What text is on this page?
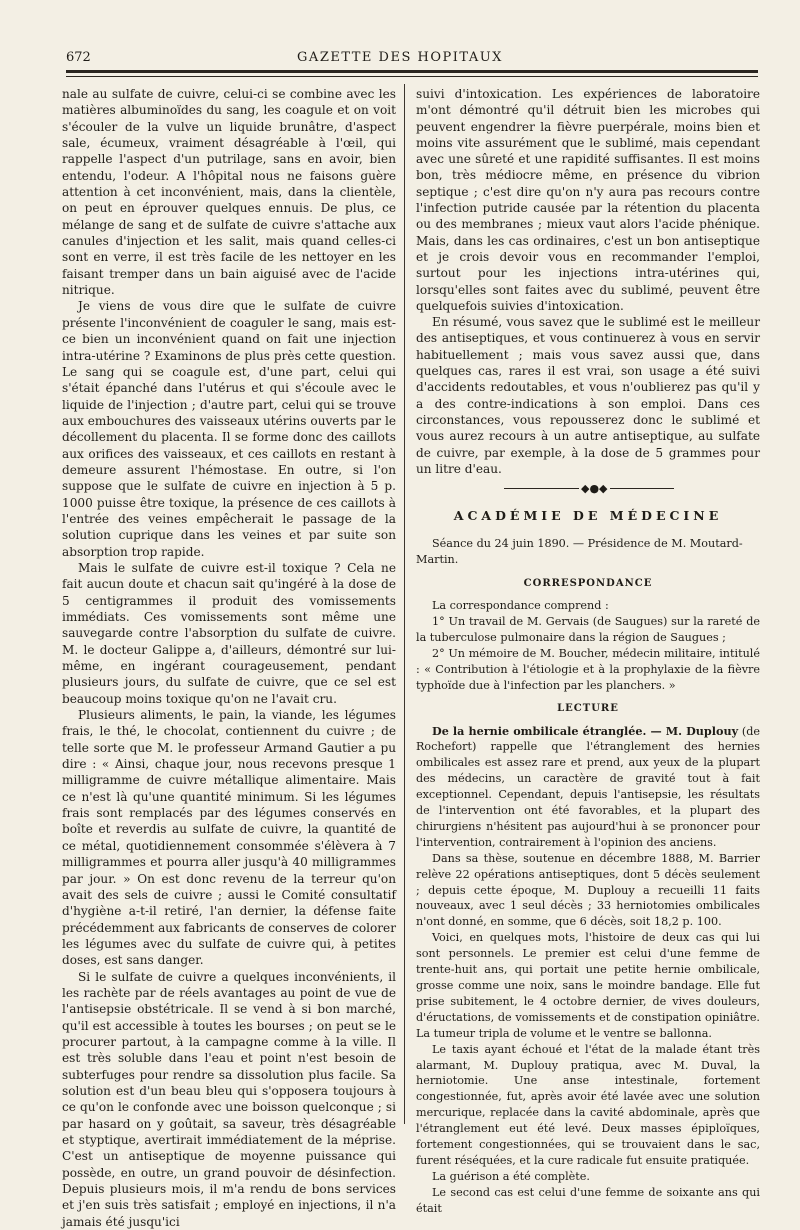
672	GAZETTE DES HOPITAUX

nale au sulfate de cuivre, celui-ci se combine avec les matières albuminoïdes du sang, les coagule et on voit s'écouler de la vulve un liquide brunâtre, d'aspect sale, écumeux, vraiment désagréable à l'œil, qui rappelle l'aspect d'un putrilage, sans en avoir, bien entendu, l'odeur. A l'hôpital nous ne faisons guère attention à cet inconvénient, mais, dans la clientèle, on peut en éprouver quelques ennuis. De plus, ce mélange de sang et de sulfate de cuivre s'attache aux canules d'injection et les salit, mais quand celles-ci sont en verre, il est très facile de les nettoyer en les faisant tremper dans un bain aiguisé avec de l'acide nitrique.

Je viens de vous dire que le sulfate de cuivre présente l'inconvénient de coaguler le sang, mais est-ce bien un inconvénient quand on fait une injection intra-utérine ? Examinons de plus près cette question. Le sang qui se coagule est, d'une part, celui qui s'était épanché dans l'utérus et qui s'écoule avec le liquide de l'injection ; d'autre part, celui qui se trouve aux embouchures des vaisseaux utérins ouverts par le décollement du placenta. Il se forme donc des caillots aux orifices des vaisseaux, et ces caillots en restant à demeure assurent l'hémostase. En outre, si l'on suppose que le sulfate de cuivre en injection à 5 p. 1000 puisse être toxique, la présence de ces caillots à l'entrée des veines empêcherait le passage de la solution cuprique dans les veines et par suite son absorption trop rapide.

Mais le sulfate de cuivre est-il toxique ? Cela ne fait aucun doute et chacun sait qu'ingéré à la dose de 5 centigrammes il produit des vomissements immédiats. Ces vomissements sont même une sauvegarde contre l'absorption du sulfate de cuivre. M. le docteur Galippe a, d'ailleurs, démontré sur lui-même, en ingérant courageusement, pendant plusieurs jours, du sulfate de cuivre, que ce sel est beaucoup moins toxique qu'on ne l'avait cru.

Plusieurs aliments, le pain, la viande, les légumes frais, le thé, le chocolat, contiennent du cuivre ; de telle sorte que M. le professeur Armand Gautier a pu dire : « Ainsi, chaque jour, nous recevons presque 1 milligramme de cuivre métallique alimentaire. Mais ce n'est là qu'une quantité minimum. Si les légumes frais sont remplacés par des légumes conservés en boîte et reverdis au sulfate de cuivre, la quantité de ce métal, quotidiennement consommée s'élèvera à 7 milligrammes et pourra aller jusqu'à 40 milligrammes par jour. » On est donc revenu de la terreur qu'on avait des sels de cuivre ; aussi le Comité consultatif d'hygiène a-t-il retiré, l'an dernier, la défense faite précédemment aux fabricants de conserves de colorer les légumes avec du sulfate de cuivre qui, à petites doses, est sans danger.

Si le sulfate de cuivre a quelques inconvénients, il les rachète par de réels avantages au point de vue de l'antisepsie obstétricale. Il se vend à si bon marché, qu'il est accessible à toutes les bourses ; on peut se le procurer partout, à la campagne comme à la ville. Il est très soluble dans l'eau et point n'est besoin de subterfuges pour rendre sa dissolution plus facile. Sa solution est d'un beau bleu qui s'opposera toujours à ce qu'on le confonde avec une boisson quelconque ; si par hasard on y goûtait, sa saveur, très désagréable et styptique, avertirait immédiatement de la méprise. C'est un antiseptique de moyenne puissance qui possède, en outre, un grand pouvoir de désinfection. Depuis plusieurs mois, il m'a rendu de bons services et j'en suis très satisfait ; employé en injections, il n'a jamais été jusqu'ici

suivi d'intoxication. Les expériences de laboratoire m'ont démontré qu'il détruit bien les microbes qui peuvent engendrer la fièvre puerpérale, moins bien et moins vite assurément que le sublimé, mais cependant avec une sûreté et une rapidité suffisantes. Il est moins bon, très médiocre même, en présence du vibrion septique ; c'est dire qu'on n'y aura pas recours contre l'infection putride causée par la rétention du placenta ou des membranes ; mieux vaut alors l'acide phénique. Mais, dans les cas ordinaires, c'est un bon antiseptique et je crois devoir vous en recommander l'emploi, surtout pour les injections intra-utérines qui, lorsqu'elles sont faites avec du sublimé, peuvent être quelquefois suivies d'intoxication.

En résumé, vous savez que le sublimé est le meilleur des antiseptiques, et vous continuerez à vous en servir habituellement ; mais vous savez aussi que, dans quelques cas, rares il est vrai, son usage a été suivi d'accidents redoutables, et vous n'oublierez pas qu'il y a des contre-indications à son emploi. Dans ces circonstances, vous repousserez donc le sublimé et vous aurez recours à un autre antiseptique, au sulfate de cuivre, par exemple, à la dose de 5 grammes pour un litre d'eau.

◆●◆
ACADÉMIE DE MÉDECINE

Séance du 24 juin 1890. — Présidence de M. Moutard-Martin.

CORRESPONDANCE

La correspondance comprend :

1° Un travail de M. Gervais (de Saugues) sur la rareté de la tuberculose pulmonaire dans la région de Saugues ;

2° Un mémoire de M. Boucher, médecin militaire, intitulé : « Contribution à l'étiologie et à la prophylaxie de la fièvre typhoïde due à l'infection par les planchers. »

LECTURE

De la hernie ombilicale étranglée. — M. Duplouy (de Rochefort) rappelle que l'étranglement des hernies ombilicales est assez rare et prend, aux yeux de la plupart des médecins, un caractère de gravité tout à fait exceptionnel. Cependant, depuis l'antisepsie, les résultats de l'intervention ont été favorables, et la plupart des chirurgiens n'hésitent pas aujourd'hui à se prononcer pour l'intervention, contrairement à l'opinion des anciens.

Dans sa thèse, soutenue en décembre 1888, M. Barrier relève 22 opérations antiseptiques, dont 5 décès seulement ; depuis cette époque, M. Duplouy a recueilli 11 faits nouveaux, avec 1 seul décès ; 33 herniotomies ombilicales n'ont donné, en somme, que 6 décès, soit 18,2 p. 100.

Voici, en quelques mots, l'histoire de deux cas qui lui sont personnels. Le premier est celui d'une femme de trente-huit ans, qui portait une petite hernie ombilicale, grosse comme une noix, sans le moindre bandage. Elle fut prise subitement, le 4 octobre dernier, de vives douleurs, d'éructations, de vomissements et de constipation opiniâtre. La tumeur tripla de volume et le ventre se ballonna.

Le taxis ayant échoué et l'état de la malade étant très alarmant, M. Duplouy pratiqua, avec M. Duval, la herniotomie. Une anse intestinale, fortement congestionnée, fut, après avoir été lavée avec une solution mercurique, replacée dans la cavité abdominale, après que l'étranglement eut été levé. Deux masses épiploïques, fortement congestionnées, qui se trouvaient dans le sac, furent réséquées, et la cure radicale fut ensuite pratiquée.

La guérison a été complète.

Le second cas est celui d'une femme de soixante ans qui était
